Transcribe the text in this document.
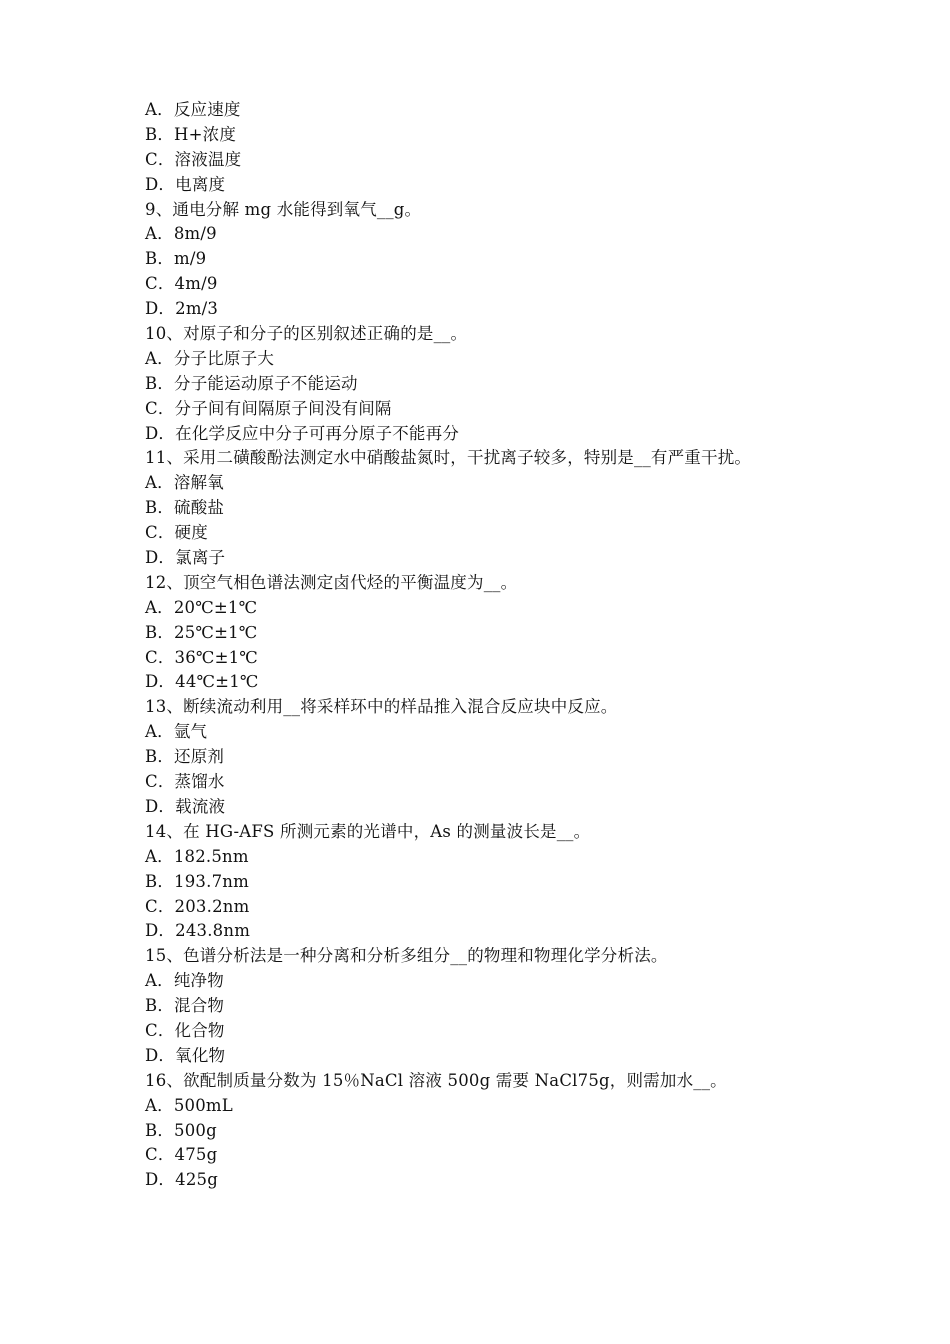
A．反应速度
B．H+浓度
C．溶液温度
D．电离度
9、通电分解 mg 水能得到氧气__g。
A．8m/9
B．m/9
C．4m/9
D．2m/3
10、对原子和分子的区别叙述正确的是__。
A．分子比原子大
B．分子能运动原子不能运动
C．分子间有间隔原子间没有间隔
D．在化学反应中分子可再分原子不能再分
11、采用二磺酸酚法测定水中硝酸盐氮时，干扰离子较多，特别是__有严重干扰。
A．溶解氧
B．硫酸盐
C．硬度
D．氯离子
12、顶空气相色谱法测定卤代烃的平衡温度为__。
A．20℃±1℃
B．25℃±1℃
C．36℃±1℃
D．44℃±1℃
13、断续流动利用__将采样环中的样品推入混合反应块中反应。
A．氩气
B．还原剂
C．蒸馏水
D．载流液
14、在 HG-AFS 所测元素的光谱中，As 的测量波长是__。
A．182.5nm
B．193.7nm
C．203.2nm
D．243.8nm
15、色谱分析法是一种分离和分析多组分__的物理和物理化学分析法。
A．纯净物
B．混合物
C．化合物
D．氧化物
16、欲配制质量分数为 15％NaCl 溶液 500g 需要 NaCl75g，则需加水__。
A．500mL
B．500g
C．475g
D．425g
